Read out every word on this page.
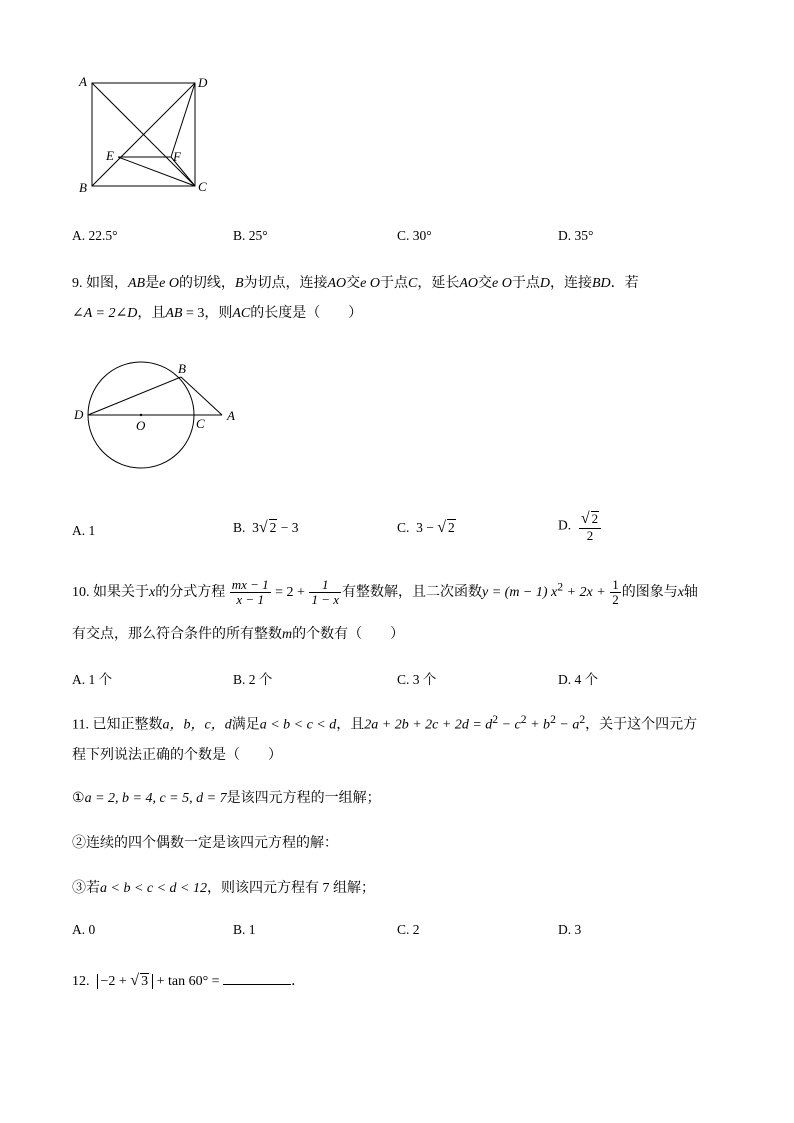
A	D
B	C
E	F
A. 22.5°	B. 25°	C. 30°	D. 35°
9. 如图，AB是e O的切线，B为切点，连接AO交e O于点C，延长AO交e O于点D，连接BD．若
∠A = 2∠D，且AB = 3，则AC的长度是（　　）
B
D
O	C
A
A. 1	B. 3√ 2 − 3	C. 3 − √ 2	D. $\frac{√ 2}{2}$
10. 如果关于x的分式方程 $\frac{mx - 1}{x - 1} = 2 + \frac{1}{1 - x}$ 有整数解，且二次函数y = (m − 1) $x^2 + 2x + \frac{1}{2}$ 的图象与x轴
有交点，那么符合条件的所有整数m的个数有（　　）
A. 1 个	B. 2 个	C. 3 个	D. 4 个
11. 已知正整数a，b，c，d满足a < b < c < d，且$2a + 2b + 2c + 2d = d^2 - c^2 + b^2 - a^2$，关于这个四元方
程下列说法正确的个数是（　　）
①a = 2, b = 4, c = 5, d = 7是该四元方程的一组解；
②连续的四个偶数一定是该四元方程的解：
③若a < b < c < d < 12，则该四元方程有 7 组解；
A. 0	B. 1	C. 2	D. 3
12. −2 + √ 3 + tan 60° =	．
